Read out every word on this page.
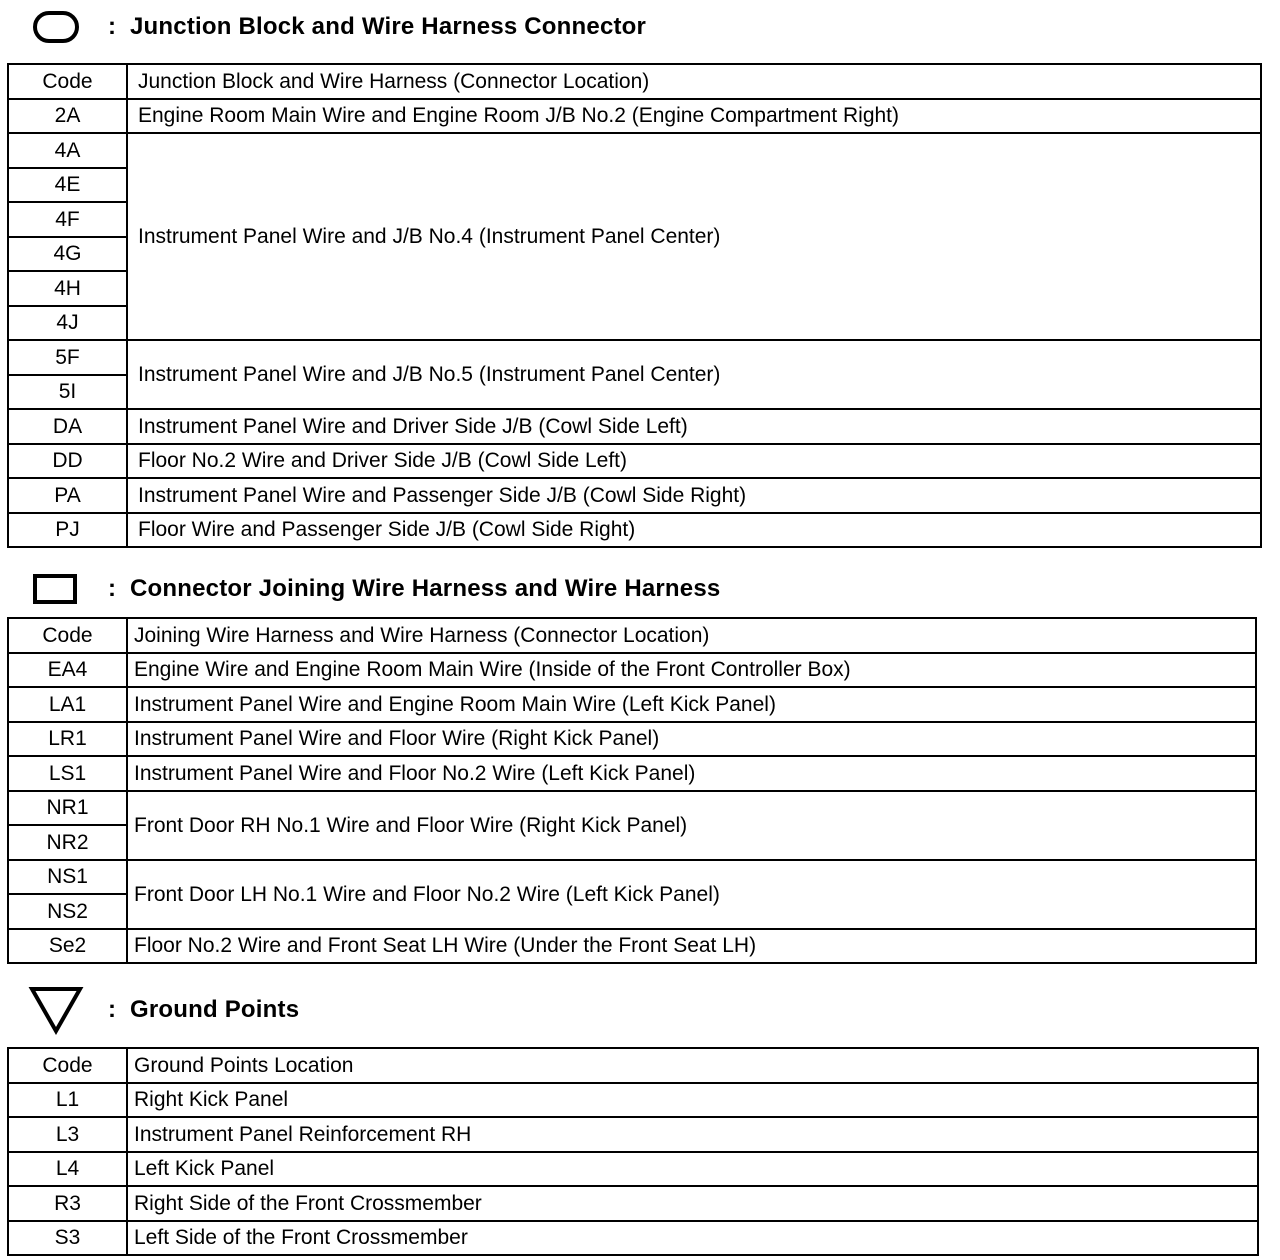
: Junction Block and Wire Harness Connector
Code	Junction Block and Wire Harness (Connector Location)
2A	Engine Room Main Wire and Engine Room J/B No.2 (Engine Compartment Right)
4A	Instrument Panel Wire and J/B No.4 (Instrument Panel Center)
4E	
4F	
4G	
4H	
4J	
5F	Instrument Panel Wire and J/B No.5 (Instrument Panel Center)
5I	
DA	Instrument Panel Wire and Driver Side J/B (Cowl Side Left)
DD	Floor No.2 Wire and Driver Side J/B (Cowl Side Left)
PA	Instrument Panel Wire and Passenger Side J/B (Cowl Side Right)
PJ	Floor Wire and Passenger Side J/B (Cowl Side Right)
: Connector Joining Wire Harness and Wire Harness
Code	Joining Wire Harness and Wire Harness (Connector Location)
EA4	Engine Wire and Engine Room Main Wire (Inside of the Front Controller Box)
LA1	Instrument Panel Wire and Engine Room Main Wire (Left Kick Panel)
LR1	Instrument Panel Wire and Floor Wire (Right Kick Panel)
LS1	Instrument Panel Wire and Floor No.2 Wire (Left Kick Panel)
NR1	Front Door RH No.1 Wire and Floor Wire (Right Kick Panel)
NR2	
NS1	Front Door LH No.1 Wire and Floor No.2 Wire (Left Kick Panel)
NS2	
Se2	Floor No.2 Wire and Front Seat LH Wire (Under the Front Seat LH)
: Ground Points
Code	Ground Points Location
L1	Right Kick Panel
L3	Instrument Panel Reinforcement RH
L4	Left Kick Panel
R3	Right Side of the Front Crossmember
S3	Left Side of the Front Crossmember
